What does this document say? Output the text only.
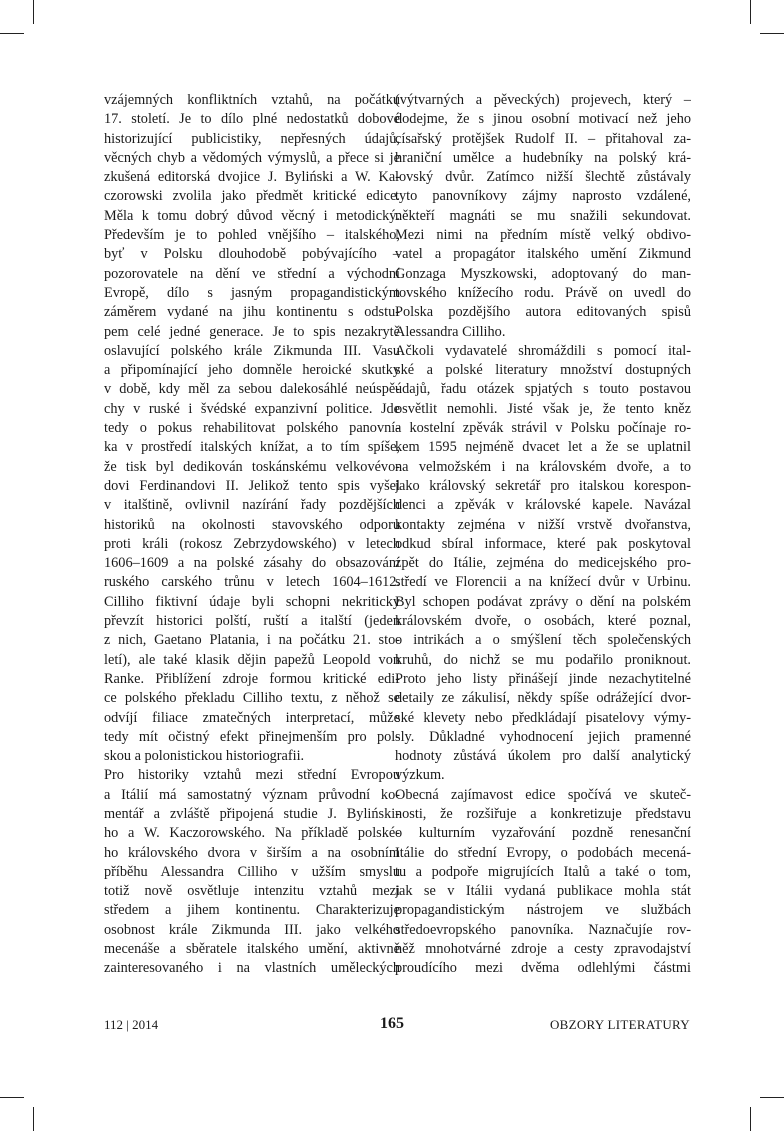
vzájemných konfliktních vztahů, na počátku
17. století. Je to dílo plné nedostatků dobové
historizující publicistiky, nepřesných údajů,
věcných chyb a vědomých výmyslů, a přece si je
zkušená editorská dvojice J. Byliński a W. Ka-
czorowski zvolila jako předmět kritické edice.
Měla k tomu dobrý důvod věcný i metodický.
Především je to pohled vnějšího – italského,
byť v Polsku dlouhodobě pobývajícího –
pozorovatele na dění ve střední a východní
Evropě, dílo s jasným propagandistickým
záměrem vydané na jihu kontinentu s odstu-
pem celé jedné generace. Je to spis nezakrytě
oslavující polského krále Zikmunda III. Vasu
a připomínající jeho domněle heroické skutky
v době, kdy měl za sebou dalekosáhlé neúspě-
chy v ruské i švédské expanzivní politice. Jde
tedy o pokus rehabilitovat polského panovní-
ka v prostředí italských knížat, a to tím spíše,
že tisk byl dedikován toskánskému velkovévo-
dovi Ferdinandovi II. Jelikož tento spis vyšel
v italštině, ovlivnil nazírání řady pozdějších
historiků na okolnosti stavovského odporu
proti králi (rokosz Zebrzydowského) v letech
1606–1609 a na polské zásahy do obsazování
ruského carského trůnu v letech 1604–1612.
Cilliho fiktivní údaje byli schopni nekriticky
převzít historici polští, ruští a italští (jeden
z nich, Gaetano Platania, i na počátku 21. sto-
letí), ale také klasik dějin papežů Leopold von
Ranke. Přiblížení zdroje formou kritické edi-
ce polského překladu Cilliho textu, z něhož se
odvíjí filiace zmatečných interpretací, může
tedy mít očistný efekt přinejmenším pro pol-
skou a polonistickou historiografii.
Pro historiky vztahů mezi střední Evropou
a Itálií má samostatný význam průvodní ko-
mentář a zvláště připojená studie J. Byliński-
ho a W. Kaczorowského. Na příkladě polské-
ho královského dvora v širším a na osobním
příběhu Alessandra Cilliho v užším smyslu
totiž nově osvětluje intenzitu vztahů mezi
středem a jihem kontinentu. Charakterizuje
osobnost krále Zikmunda III. jako velkého
mecenáše a sběratele italského umění, aktivně
zainteresovaného i na vlastních uměleckých
(výtvarných a pěveckých) projevech, který –
dodejme, že s jinou osobní motivací než jeho
císařský protějšek Rudolf II. – přitahoval za-
hraniční umělce a hudebníky na polský krá-
lovský dvůr. Zatímco nižší šlechtě zůstávaly
tyto panovníkovy zájmy naprosto vzdálené,
někteří magnáti se mu snažili sekundovat.
Mezi nimi na předním místě velký obdivo-
vatel a propagátor italského umění Zikmund
Gonzaga Myszkowski, adoptovaný do man-
tovského knížecího rodu. Právě on uvedl do
Polska pozdějšího autora editovaných spisů
Alessandra Cilliho.
Ačkoli vydavatelé shromáždili s pomocí ital-
ské a polské literatury množství dostupných
údajů, řadu otázek spjatých s touto postavou
osvětlit nemohli. Jisté však je, že tento kněz
a kostelní zpěvák strávil v Polsku počínaje ro-
kem 1595 nejméně dvacet let a že se uplatnil
na velmožském i na královském dvoře, a to
jako královský sekretář pro italskou korespon-
denci a zpěvák v královské kapele. Navázal
kontakty zejména v nižší vrstvě dvořanstva,
odkud sbíral informace, které pak poskytoval
zpět do Itálie, zejména do medicejského pro-
středí ve Florencii a na knížecí dvůr v Urbinu.
Byl schopen podávat zprávy o dění na polském
královském dvoře, o osobách, které poznal,
o intrikách a o smýšlení těch společenských
kruhů, do nichž se mu podařilo proniknout.
Proto jeho listy přinášejí jinde nezachytitelné
detaily ze zákulisí, někdy spíše odrážející dvor-
ské klevety nebo předkládají pisatelovy výmy-
sly. Důkladné vyhodnocení jejich pramenné
hodnoty zůstává úkolem pro další analytický
výzkum.
Obecná zajímavost edice spočívá ve skuteč-
nosti, že rozšiřuje a konkretizuje představu
o kulturním vyzařování pozdně renesanční
Itálie do střední Evropy, o podobách mecená-
tu a podpoře migrujících Italů a také o tom,
jak se v Itálii vydaná publikace mohla stát
propagandistickým nástrojem ve službách
středoevropského panovníka. Naznačujíe rov-
něž mnohotvárné zdroje a cesty zpravodajství
proudícího mezi dvěma odlehlými částmi
112 | 2014	165	OBZORY LITERATURY
